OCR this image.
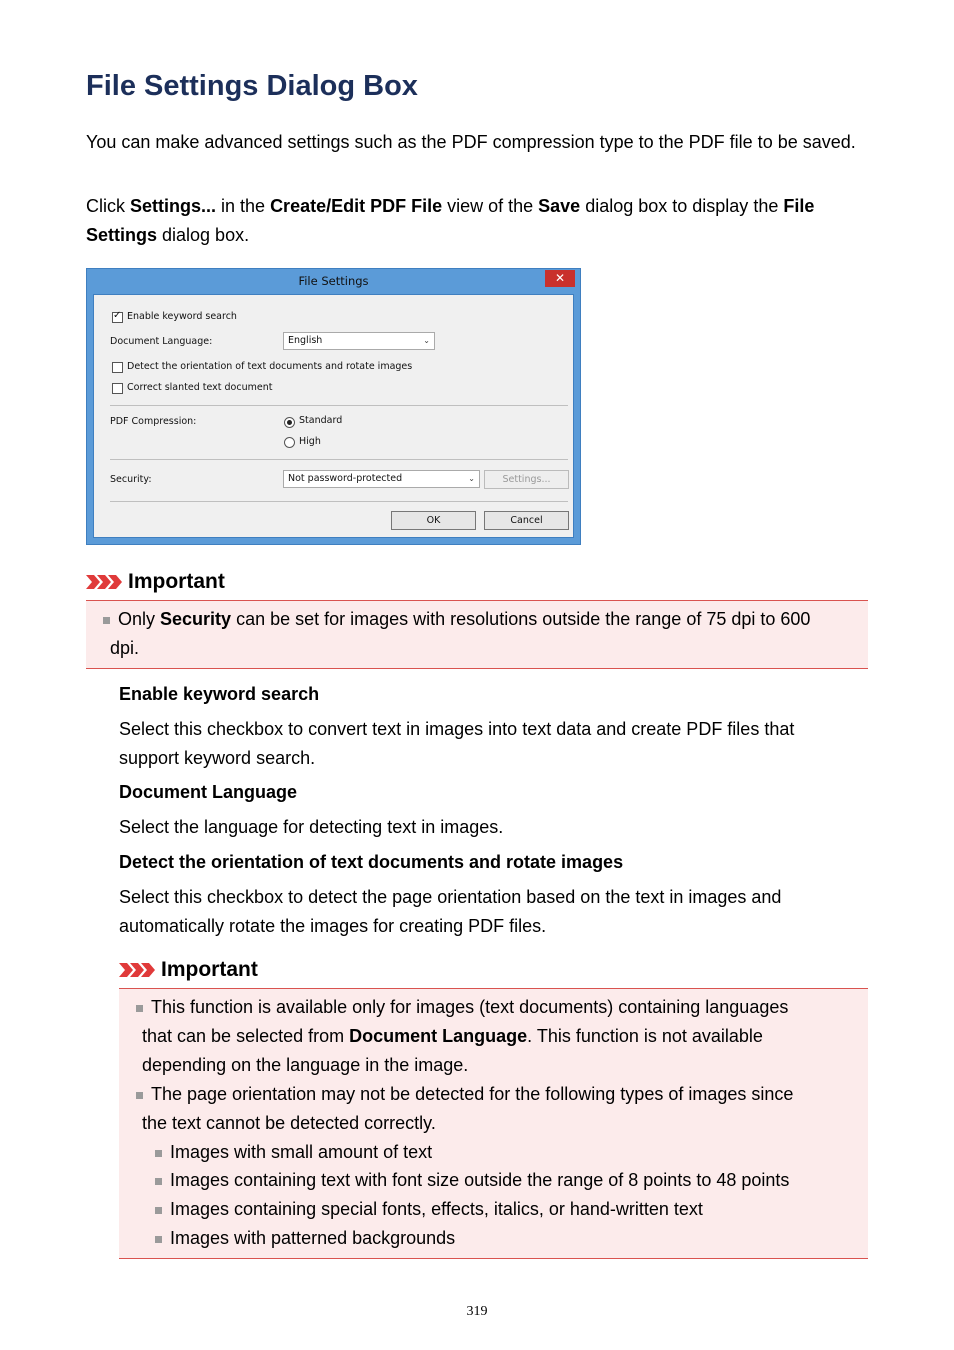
File Settings Dialog Box

You can make advanced settings such as the PDF compression type to the PDF file to be saved.

Click Settings... in the Create/Edit PDF File view of the Save dialog box to display the File Settings dialog box.

File Settings	✕
✓
Enable keyword search
Document Language:	English	⌄
Detect the orientation of text documents and rotate images
Correct slanted text document
PDF Compression:	Standard
High
Security:	Not password-protected	⌄	Settings...
OK	Cancel
Important
Only Security can be set for images with resolutions outside the range of 75 dpi to 600
dpi.
Enable keyword search
Select this checkbox to convert text in images into text data and create PDF files that
support keyword search.
Document Language
Select the language for detecting text in images.
Detect the orientation of text documents and rotate images
Select this checkbox to detect the page orientation based on the text in images and
automatically rotate the images for creating PDF files.
Important
This function is available only for images (text documents) containing languages
that can be selected from Document Language. This function is not available
depending on the language in the image.
The page orientation may not be detected for the following types of images since
the text cannot be detected correctly.
Images with small amount of text
Images containing text with font size outside the range of 8 points to 48 points
Images containing special fonts, effects, italics, or hand-written text
Images with patterned backgrounds
319
